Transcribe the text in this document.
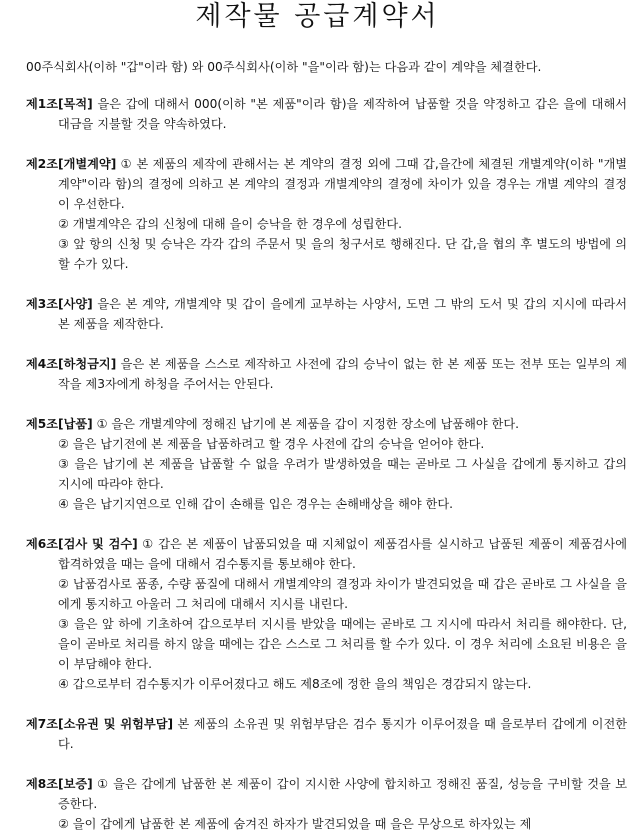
제작물 공급계약서

00주식회사(이하 "갑"이라 함) 와 00주식회사(이하 "을"이라 함)는 다음과 같이 계약을 체결한다.

제1조[목적] 을은 갑에 대해서 000(이하 "본 제품"이라 함)을 제작하여 납품할 것을 약정하고 갑은 을에 대해서 대금을 지불할 것을 약속하였다.

제2조[개별계약] ① 본 제품의 제작에 관해서는 본 계약의 결정 외에 그때 갑,을간에 체결된 개별계약(이하 "개별계약"이라 함)의 결정에 의하고 본 계약의 결정과 개별계약의 결정에 차이가 있을 경우는 개별 계약의 결정이 우선한다.

② 개별계약은 갑의 신청에 대해 을이 승낙을 한 경우에 성립한다.

③ 앞 항의 신청 및 승낙은 각각 갑의 주문서 및 을의 청구서로 행해진다. 단 갑,을 협의 후 별도의 방법에 의할 수가 있다.

제3조[사양] 을은 본 계약, 개별계약 및 갑이 을에게 교부하는 사양서, 도면 그 밖의 도서 및 갑의 지시에 따라서 본 제품을 제작한다.

제4조[하청금지] 을은 본 제품을 스스로 제작하고 사전에 갑의 승낙이 없는 한 본 제품 또는 전부 또는 일부의 제작을 제3자에게 하청을 주어서는 안된다.

제5조[납품] ① 을은 개별계약에 정해진 납기에 본 제품을 갑이 지정한 장소에 납품해야 한다.

② 을은 납기전에 본 제품을 납품하려고 할 경우 사전에 갑의 승낙을 얻어야 한다.

③ 을은 납기에 본 제품을 납품할 수 없을 우려가 발생하였을 때는 곧바로 그 사실을 갑에게 통지하고 갑의 지시에 따라야 한다.

④ 을은 납기지연으로 인해 갑이 손해를 입은 경우는 손해배상을 해야 한다.

제6조[검사 및 검수] ① 갑은 본 제품이 납품되었을 때 지체없이 제품검사를 실시하고 납품된 제품이 제품검사에 합격하였을 때는 을에 대해서 검수통지를 통보해야 한다.

② 납품검사로 품종, 수량 품질에 대해서 개별계약의 결정과 차이가 발견되었을 때 갑은 곧바로 그 사실을 을에게 통지하고 아울러 그 처리에 대해서 지시를 내린다.

③ 을은 앞 하에 기초하여 갑으로부터 지시를 받았을 때에는 곧바로 그 지시에 따라서 처리를 해야한다. 단, 을이 곧바로 처리를 하지 않을 때에는 갑은 스스로 그 처리를 할 수가 있다. 이 경우 처리에 소요된 비용은 을이 부담해야 한다.

④ 갑으로부터 검수통지가 이루어졌다고 해도 제8조에 정한 을의 책임은 경감되지 않는다.

제7조[소유권 및 위험부담] 본 제품의 소유권 및 위험부담은 검수 통지가 이루어졌을 때 을로부터 갑에게 이전한다.

제8조[보증] ① 을은 갑에게 납품한 본 제품이 갑이 지시한 사양에 합치하고 정해진 품질, 성능을 구비할 것을 보증한다.

② 을이 갑에게 납품한 본 제품에 숨겨진 하자가 발견되었을 때 을은 무상으로 하자있는 제
